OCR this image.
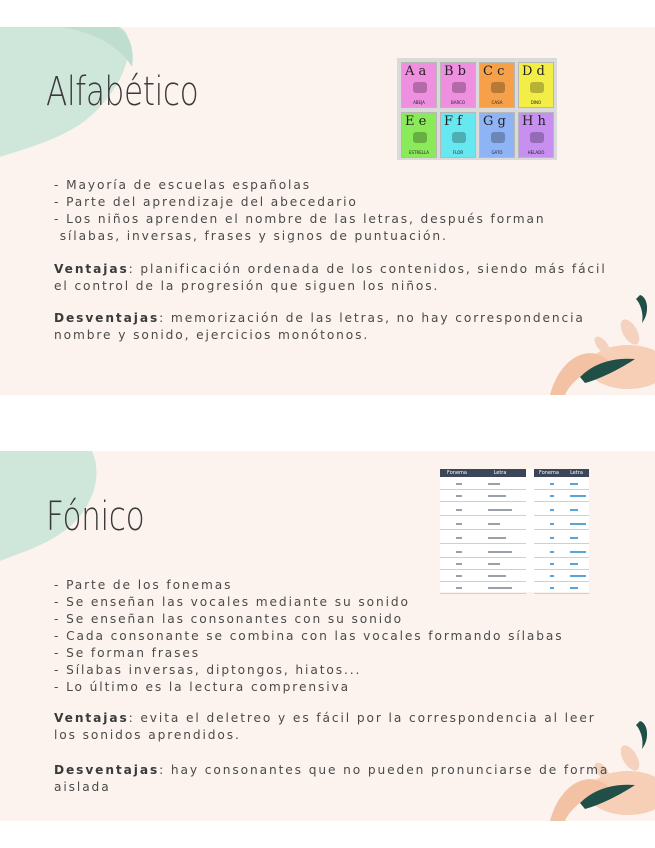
Alfabético	A a
ABEJA
B b
BARCO
C c
CASA
D d
DINO
E e
ESTRELLA
F f
FLOR
G g
GATO
H h
HELADO
- Mayoría de escuelas españolas
- Parte del aprendizaje del abecedario
- Los niños aprenden el nombre de las letras, después forman
sílabas, inversas, frases y signos de puntuación.

Ventajas: planificación ordenada de los contenidos, siendo más fácil el control de la progresión que siguen los niños.

Desventajas: memorización de las letras, no hay correspondencia nombre y sonido, ejercicios monótonos.

Fónico
Fonema	Letra	Fonema	Letra
- Parte de los fonemas
- Se enseñan las vocales mediante su sonido
- Se enseñan las consonantes con su sonido
- Cada consonante se combina con las vocales formando sílabas
- Se forman frases
- Sílabas inversas, diptongos, hiatos...
- Lo último es la lectura comprensiva

Ventajas: evita el deletreo y es fácil por la correspondencia al leer los sonidos aprendidos.

Desventajas: hay consonantes que no pueden pronunciarse de forma aislada
